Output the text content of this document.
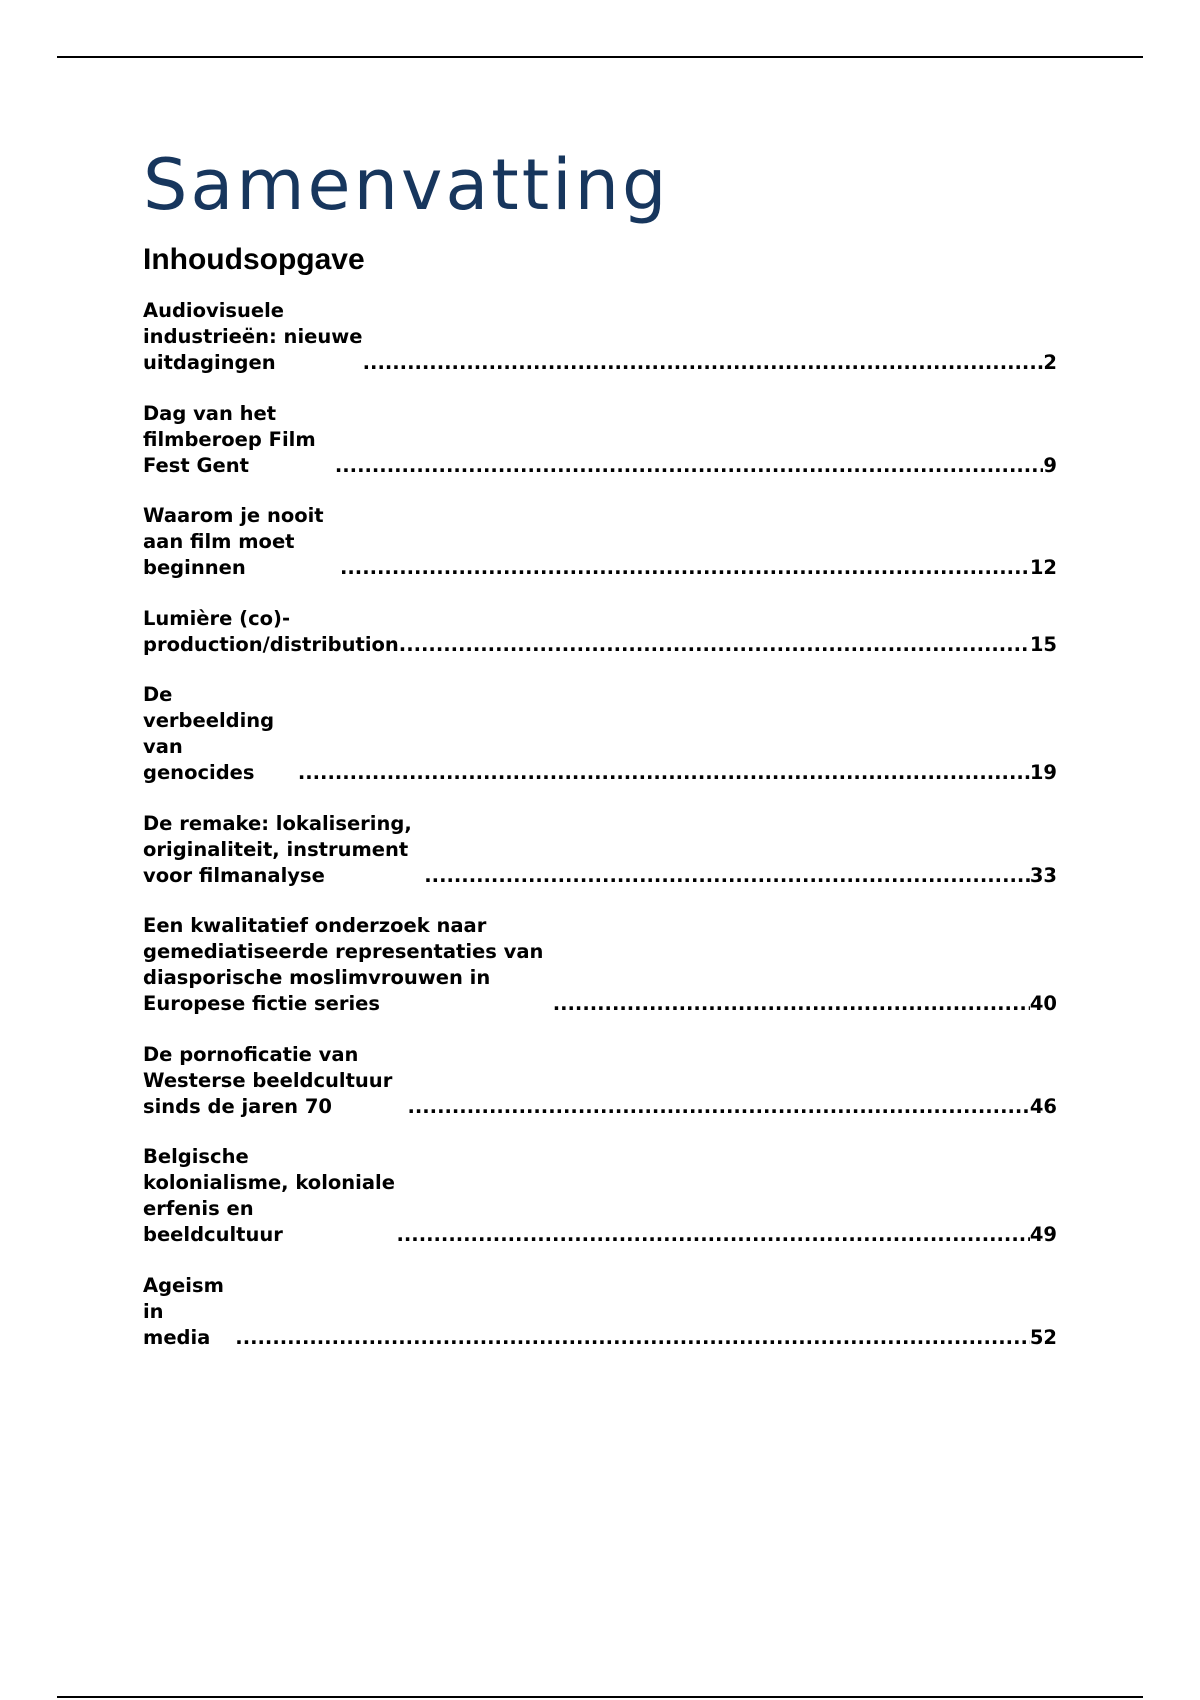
Samenvatting
Inhoudsopgave
Audiovisuele industrieën: nieuwe uitdagingen .....	2
Dag van het filmberoep Film Fest Gent .....	9
Waarom je nooit aan film moet beginnen .....	12
Lumière (co)-production/distribution .....	15
De verbeelding van genocides .....	19
De remake: lokalisering, originaliteit, instrument voor filmanalyse .....	33
Een kwalitatief onderzoek naar gemediatiseerde representaties van diasporische moslimvrouwen in Europese fictie series .....	40
De pornoficatie van Westerse beeldcultuur sinds de jaren 70 .....	46
Belgische kolonialisme, koloniale erfenis en beeldcultuur .....	49
Ageism in media .....	52
